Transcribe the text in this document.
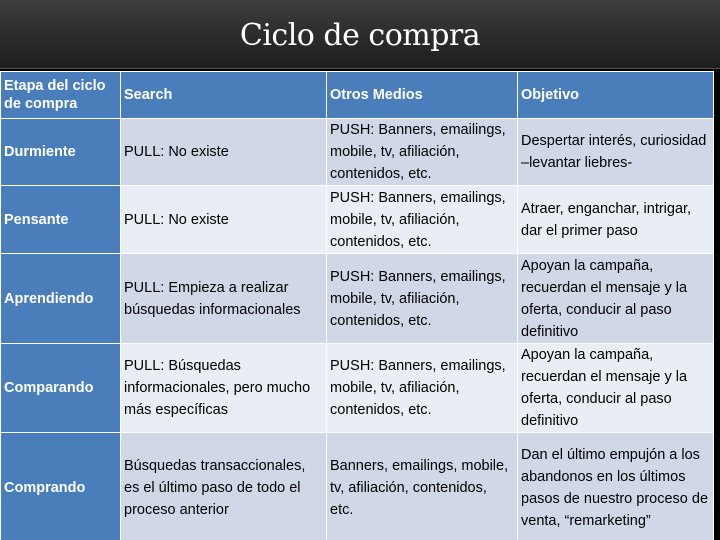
Ciclo de compra
Etapa del ciclo de compra	Search	Otros Medios	Objetivo
Durmiente	PULL: No existe	PUSH: Banners, emailings, mobile, tv, afiliación, contenidos, etc.	Despertar interés, curiosidad –levantar liebres-
Pensante	PULL: No existe	PUSH: Banners, emailings, mobile, tv, afiliación, contenidos, etc.	Atraer, enganchar, intrigar, dar el primer paso
Aprendiendo	PULL: Empieza a realizar búsquedas informacionales	PUSH: Banners, emailings, mobile, tv, afiliación, contenidos, etc.	Apoyan la campaña, recuerdan el mensaje y la oferta, conducir al paso definitivo
Comparando	PULL: Búsquedas informacionales, pero mucho más específicas	PUSH: Banners, emailings, mobile, tv, afiliación, contenidos, etc.	Apoyan la campaña, recuerdan el mensaje y la oferta, conducir al paso definitivo
Comprando	Búsquedas transaccionales, es el último paso de todo el proceso anterior	Banners, emailings, mobile, tv, afiliación, contenidos, etc.	Dan el último empujón a los abandonos en los últimos pasos de nuestro proceso de venta, “remarketing”
